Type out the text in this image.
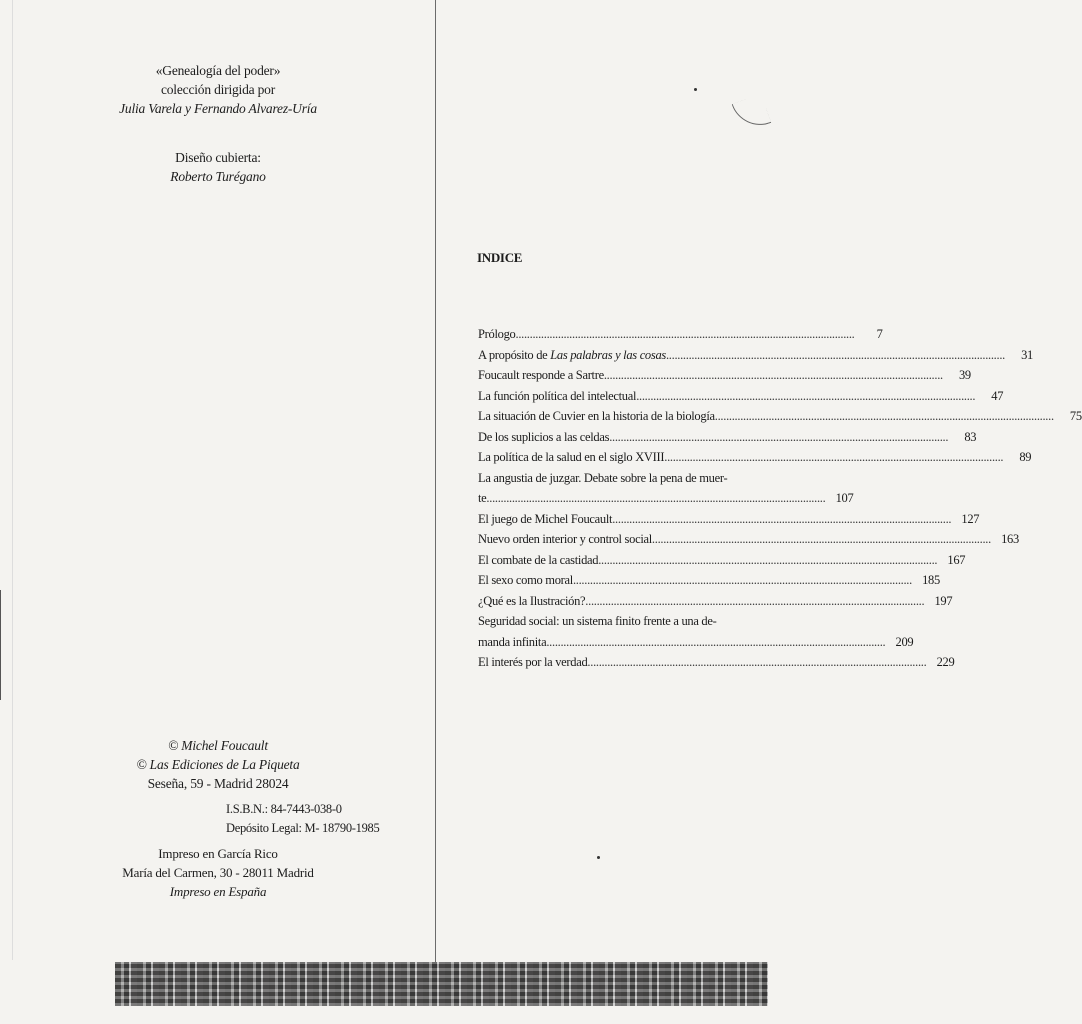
«Genealogía del poder»
colección dirigida por
Julia Varela y Fernando Alvarez-Uría
Diseño cubierta:
Roberto Turégano
© Michel Foucault
© Las Ediciones de La Piqueta
Seseña, 59 - Madrid 28024
I.S.B.N.: 84-7443-038-0
Depósito Legal: M- 18790-1985
Impreso en García Rico
María del Carmen, 30 - 28011 Madrid
Impreso en España
INDICE
Prólogo........................................................................................................................	7
A propósito de Las palabras y las cosas........................................................................................................................	31
Foucault responde a Sartre........................................................................................................................	39
La función política del intelectual........................................................................................................................	47
La situación de Cuvier en la historia de la biología........................................................................................................................	75
De los suplicios a las celdas........................................................................................................................	83
La política de la salud en el siglo XVIII........................................................................................................................	89
La angustia de juzgar. Debate sobre la pena de muer-
te........................................................................................................................ 107
El juego de Michel Foucault........................................................................................................................ 127
Nuevo orden interior y control social........................................................................................................................ 163
El combate de la castidad........................................................................................................................ 167
El sexo como moral........................................................................................................................ 185
¿Qué es la Ilustración?........................................................................................................................ 197
Seguridad social: un sistema finito frente a una de-
manda infinita........................................................................................................................ 209
El interés por la verdad........................................................................................................................ 229
